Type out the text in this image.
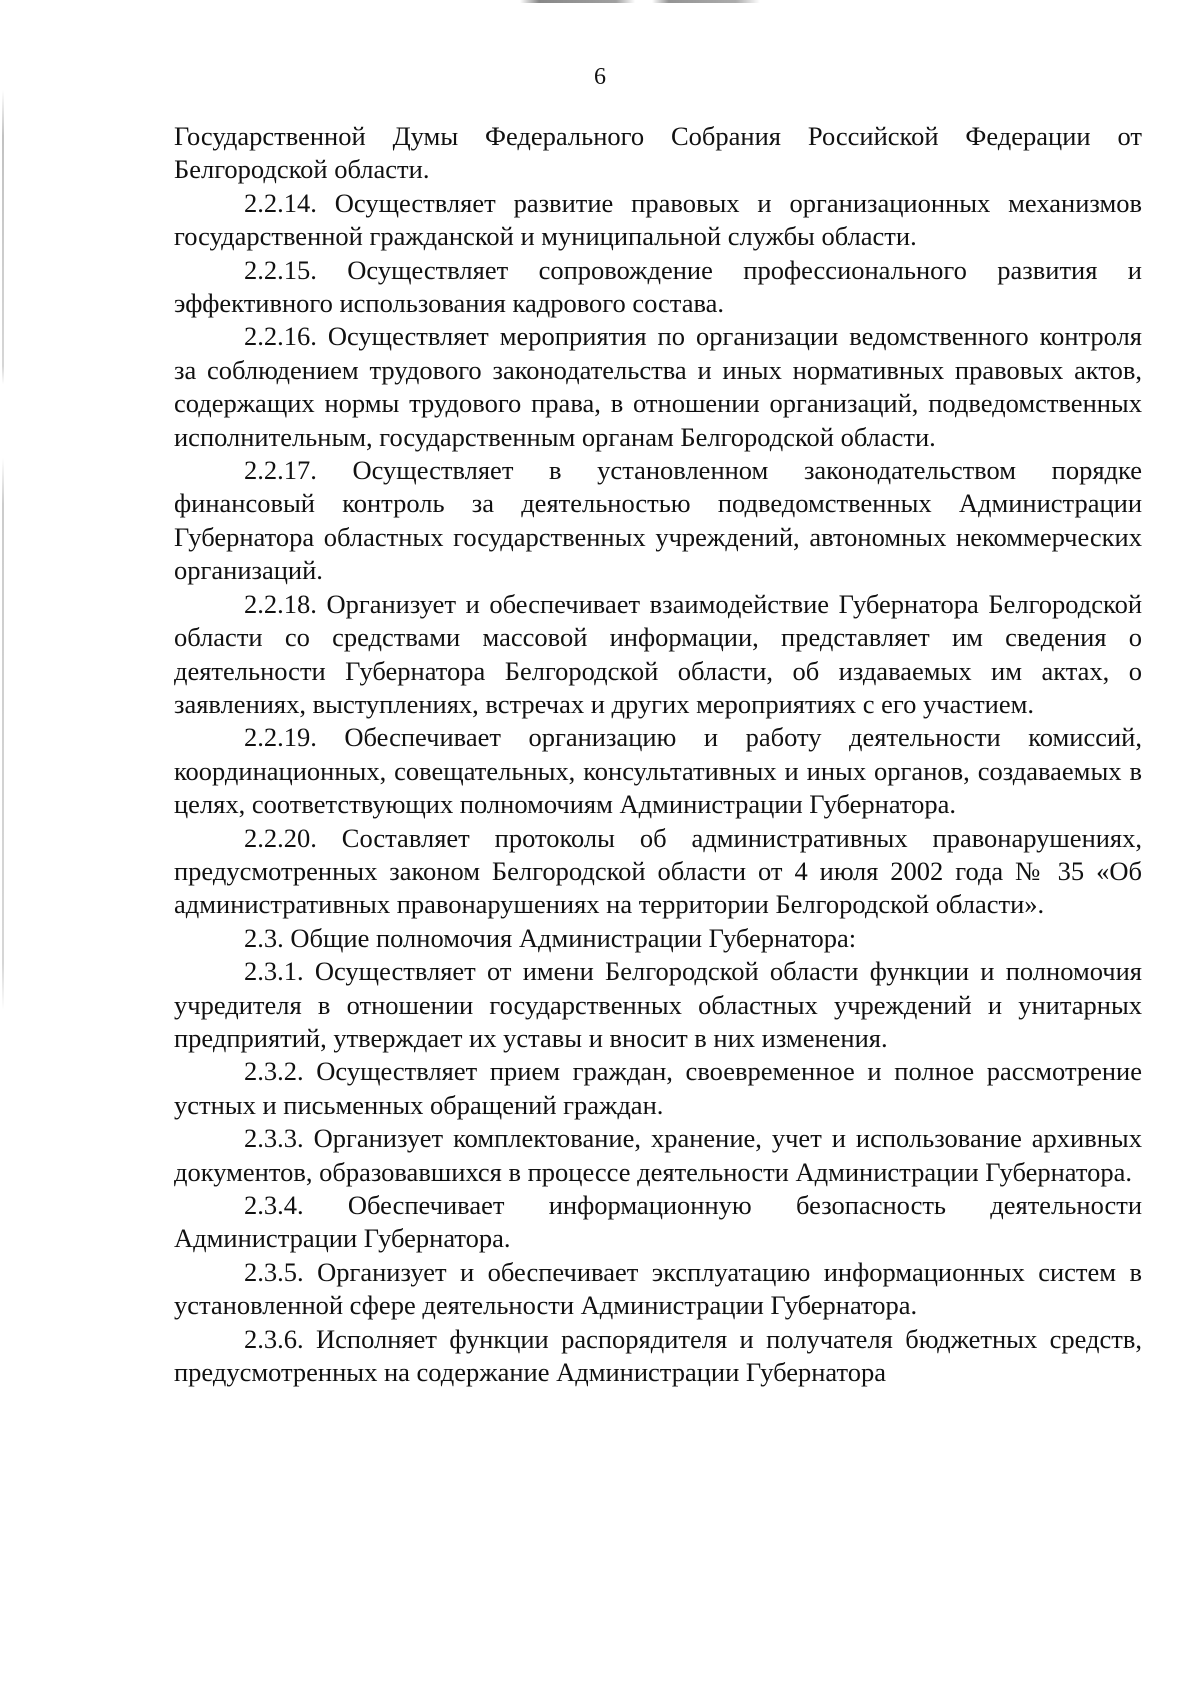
6

Государственной Думы Федерального Собрания Российской Федерации от Белгородской области.

2.2.14. Осуществляет развитие правовых и организационных механизмов государственной гражданской и муниципальной службы области.

2.2.15. Осуществляет сопровождение профессионального развития и эффективного использования кадрового состава.

2.2.16. Осуществляет мероприятия по организации ведомственного контроля за соблюдением трудового законодательства и иных нормативных правовых актов, содержащих нормы трудового права, в отношении организаций, подведомственных исполнительным, государственным органам Белгородской области.

2.2.17. Осуществляет в установленном законодательством порядке финансовый контроль за деятельностью подведомственных Администрации Губернатора областных государственных учреждений, автономных некоммерческих организаций.

2.2.18. Организует и обеспечивает взаимодействие Губернатора Белгородской области со средствами массовой информации, представляет им сведения о деятельности Губернатора Белгородской области, об издаваемых им актах, о заявлениях, выступлениях, встречах и других мероприятиях с его участием.

2.2.19. Обеспечивает организацию и работу деятельности комиссий, координационных, совещательных, консультативных и иных органов, создаваемых в целях, соответствующих полномочиям Администрации Губернатора.

2.2.20. Составляет протоколы об административных правонарушениях, предусмотренных законом Белгородской области от 4 июля 2002 года № 35 «Об административных правонарушениях на территории Белгородской области».

2.3. Общие полномочия Администрации Губернатора:

2.3.1. Осуществляет от имени Белгородской области функции и полномочия учредителя в отношении государственных областных учреждений и унитарных предприятий, утверждает их уставы и вносит в них изменения.

2.3.2. Осуществляет прием граждан, своевременное и полное рассмотрение устных и письменных обращений граждан.

2.3.3. Организует комплектование, хранение, учет и использование архивных документов, образовавшихся в процессе деятельности Администрации Губернатора.

2.3.4. Обеспечивает информационную безопасность деятельности Администрации Губернатора.

2.3.5. Организует и обеспечивает эксплуатацию информационных систем в установленной сфере деятельности Администрации Губернатора.

2.3.6. Исполняет функции распорядителя и получателя бюджетных средств, предусмотренных на содержание Администрации Губернатора
